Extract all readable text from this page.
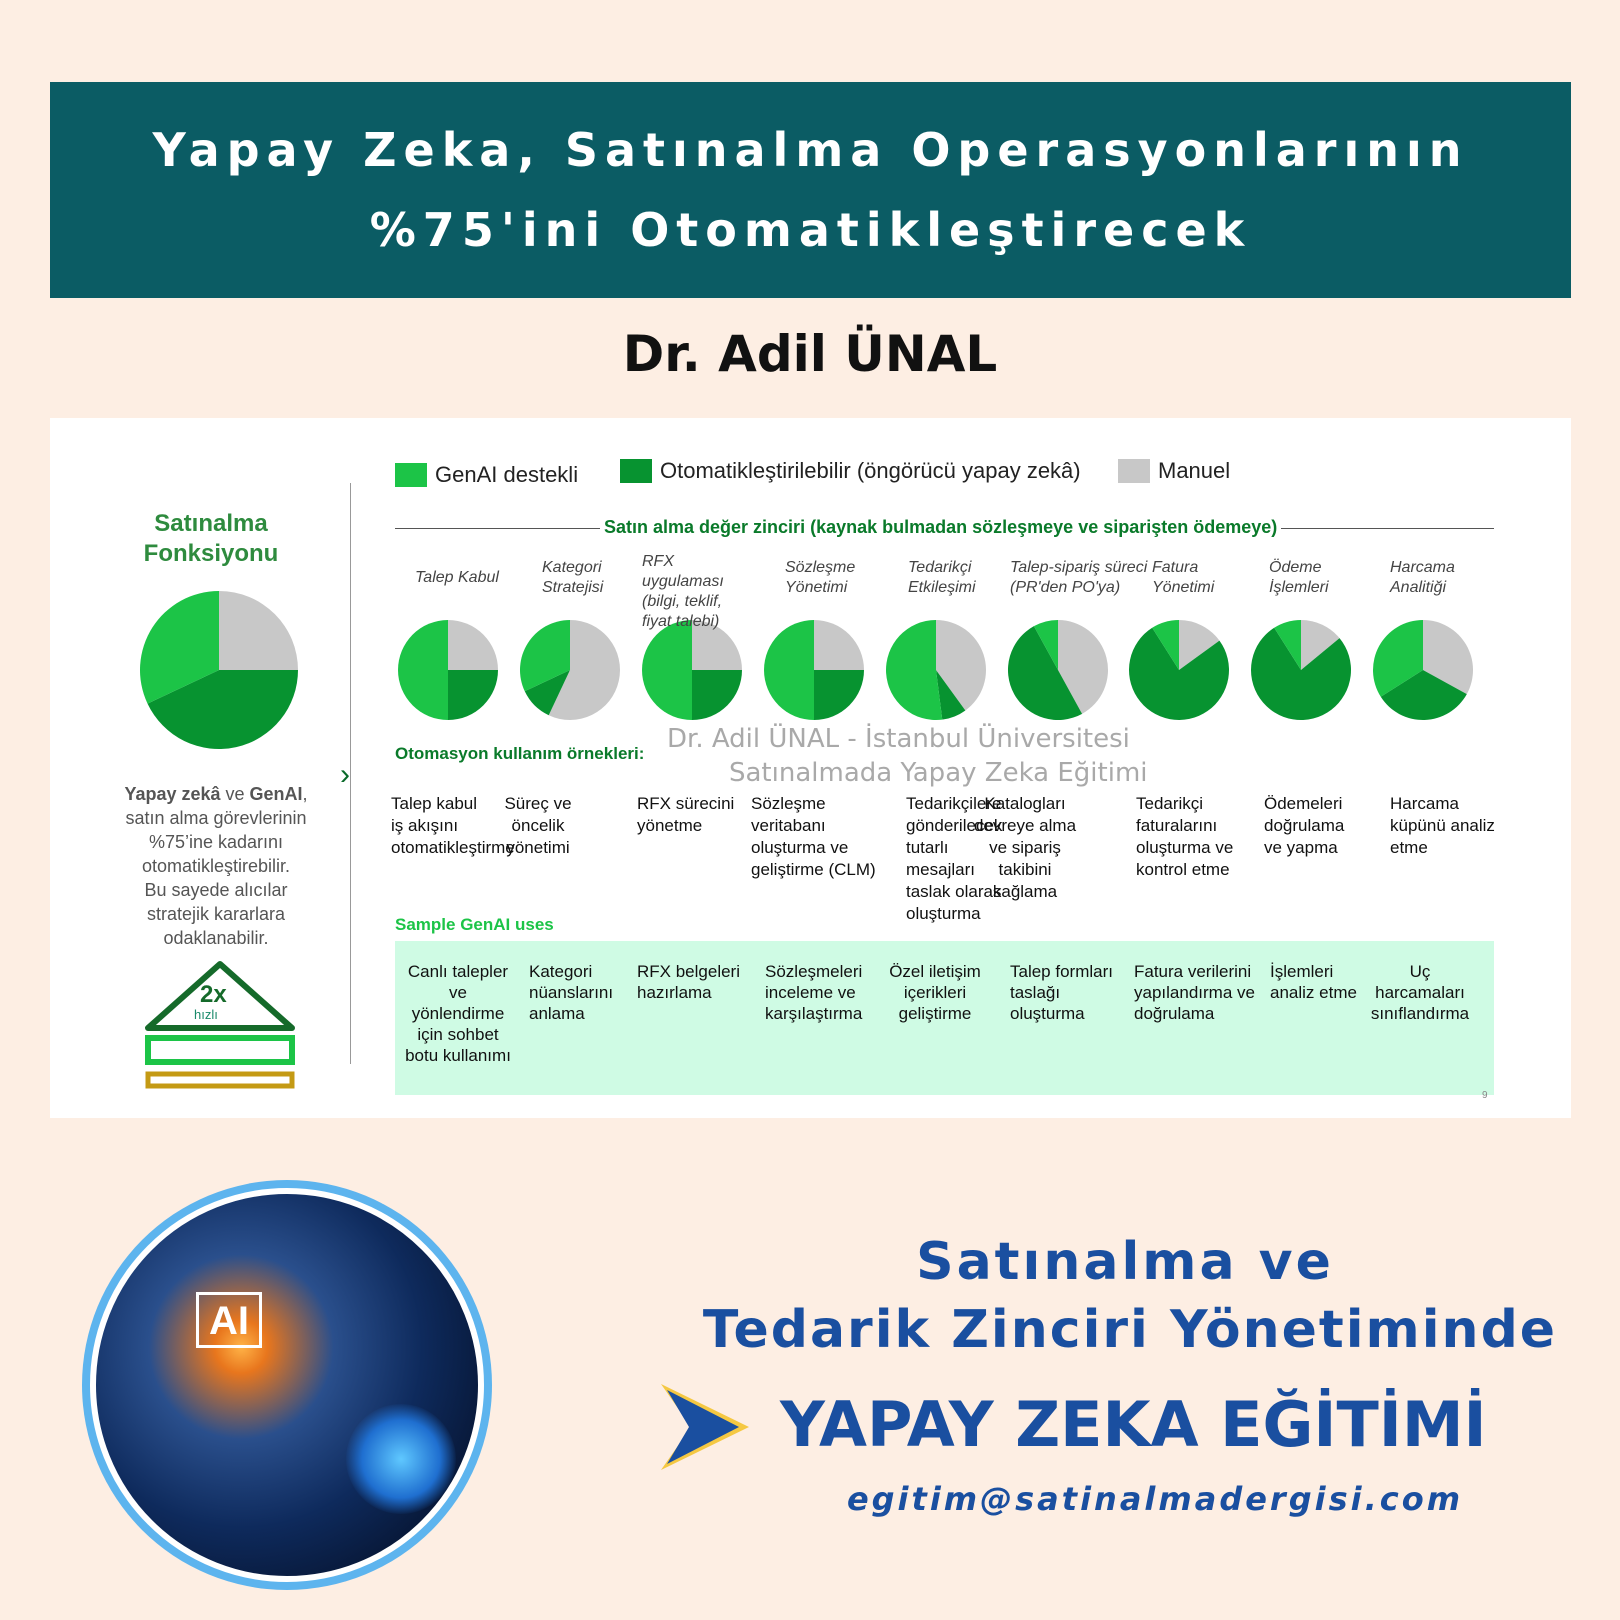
Yapay Zeka, Satınalma Operasyonlarının
%75'ini Otomatikleştirecek
Dr. Adil ÜNAL
GenAI destekli	Otomatikleştirilebilir (öngörücü yapay zekâ)	Manuel
›
Satınalma
Fonksiyonu
Yapay zekâ ve GenAI,
satın alma görevlerinin
%75’ine kadarını
otomatikleştirebilir.
Bu sayede alıcılar
stratejik kararlara
odaklanabilir.
2x
hızlı
Satın alma değer zinciri (kaynak bulmadan sözleşmeye ve siparişten ödemeye)
Dr. Adil ÜNAL - İstanbul Üniversitesi
Satınalmada Yapay Zeka Eğitimi
Otomasyon kullanım örnekleri:
Sample GenAI uses
Talep Kabul
Talep kabul
iş akışını
otomatikleştirme
Canlı talepler
ve
yönlendirme
için sohbet
botu kullanımı
Kategori
Stratejisi
Süreç ve
öncelik
yönetimi
Kategori
nüanslarını
anlama
RFX
uygulaması
(bilgi, teklif,
fiyat talebi)
RFX sürecini
yönetme
RFX belgeleri
hazırlama
Sözleşme
Yönetimi
Sözleşme
veritabanı
oluşturma ve
geliştirme (CLM)
Sözleşmeleri
inceleme ve
karşılaştırma
Tedarikçi
Etkileşimi
Tedarikçilere
gönderilecek
tutarlı
mesajları
taslak olarak
oluşturma
Özel iletişim
içerikleri
geliştirme
Talep-sipariş süreci
(PR'den PO'ya)
Katalogları
devreye alma
ve sipariş
takibini
sağlama
Talep formları
taslağı
oluşturma
Fatura
Yönetimi
Tedarikçi
faturalarını
oluşturma ve
kontrol etme
Fatura verilerini
yapılandırma ve
doğrulama
Ödeme
İşlemleri
Ödemeleri
doğrulama
ve yapma
İşlemleri
analiz etme
Harcama
Analitiği
Harcama
küpünü analiz
etme
Uç
harcamaları
sınıflandırma
9
AI
Satınalma ve
Tedarik Zinciri Yönetiminde
YAPAY ZEKA EĞİTİMİ
egitim@satinalmadergisi.com
